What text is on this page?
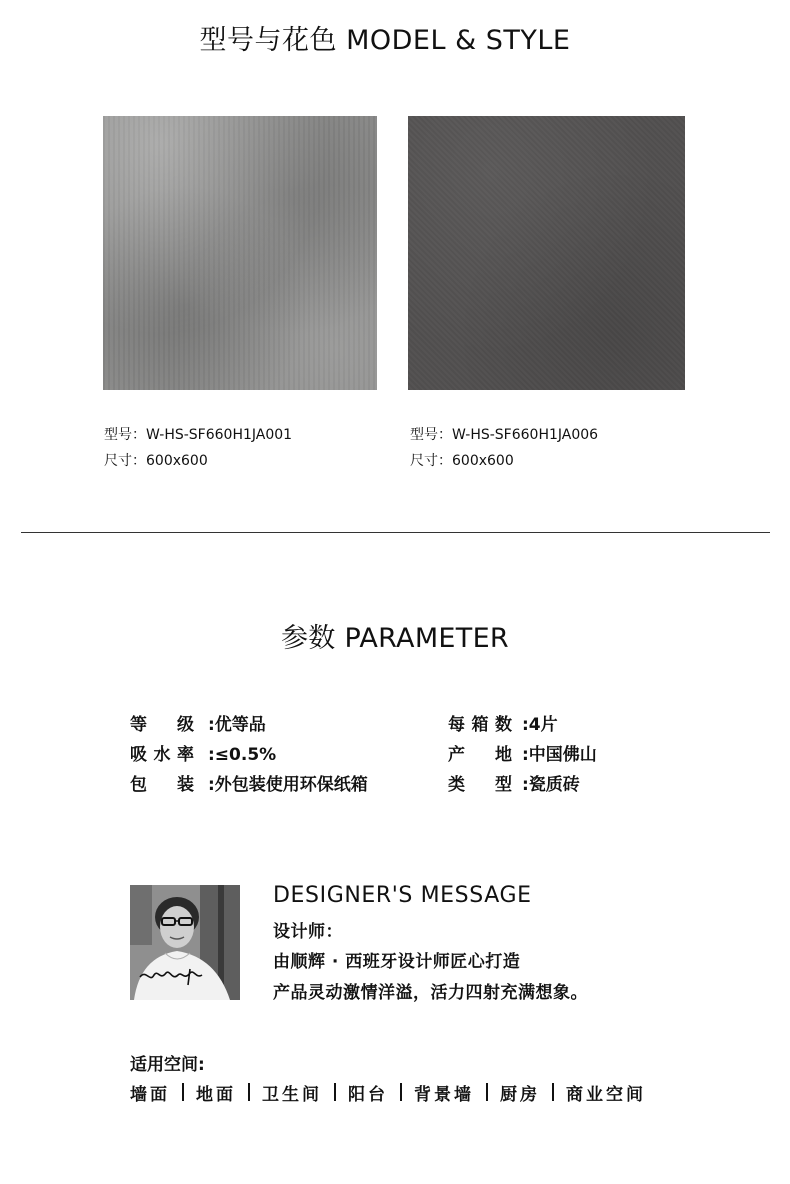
型号与花色 MODEL & STYLE
型号：W-HS-SF660H1JA001
尺寸：600x600
型号：W-HS-SF660H1JA006
尺寸：600x600
参数 PARAMETER
等 级 :优等品
吸水率 :≤0.5%
包 装 :外包装使用环保纸箱
每箱数 :4片
产 地 :中国佛山
类 型 :瓷质砖
DESIGNER'S MESSAGE
设计师：
由顺辉 · 西班牙设计师匠心打造
产品灵动激情洋溢，活力四射充满想象。
适用空间:
墙面 地面 卫生间 阳台 背景墙 厨房 商业空间
